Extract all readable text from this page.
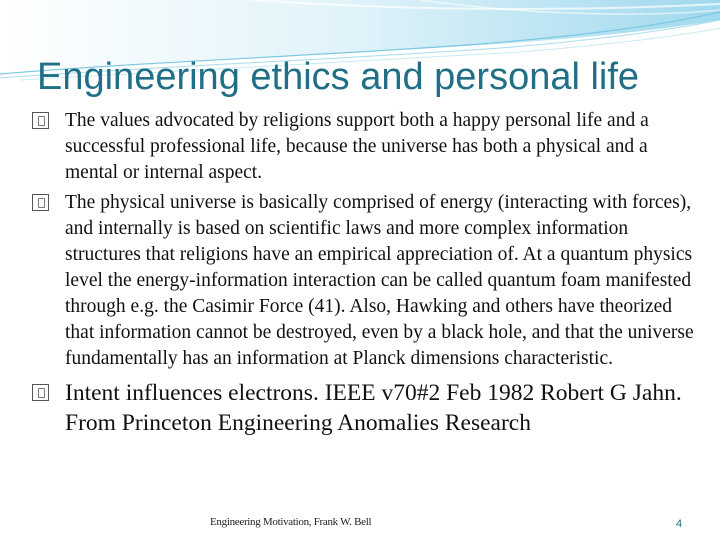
Engineering ethics and personal life
The values advocated by religions support both a happy personal life and a successful professional life, because the universe has both a physical and a mental or internal aspect.
The physical universe is basically comprised of energy (interacting with forces), and internally is based on scientific laws and more complex information structures that religions have an empirical appreciation of. At a quantum physics level the energy-information interaction can be called quantum foam manifested through e.g. the Casimir Force (41). Also, Hawking and others have theorized that information cannot be destroyed, even by a black hole, and that the universe fundamentally has an information at Planck dimensions characteristic.
Intent influences electrons. IEEE v70#2 Feb 1982 Robert G Jahn. From Princeton Engineering Anomalies Research
Engineering Motivation, Frank W. Bell	4
